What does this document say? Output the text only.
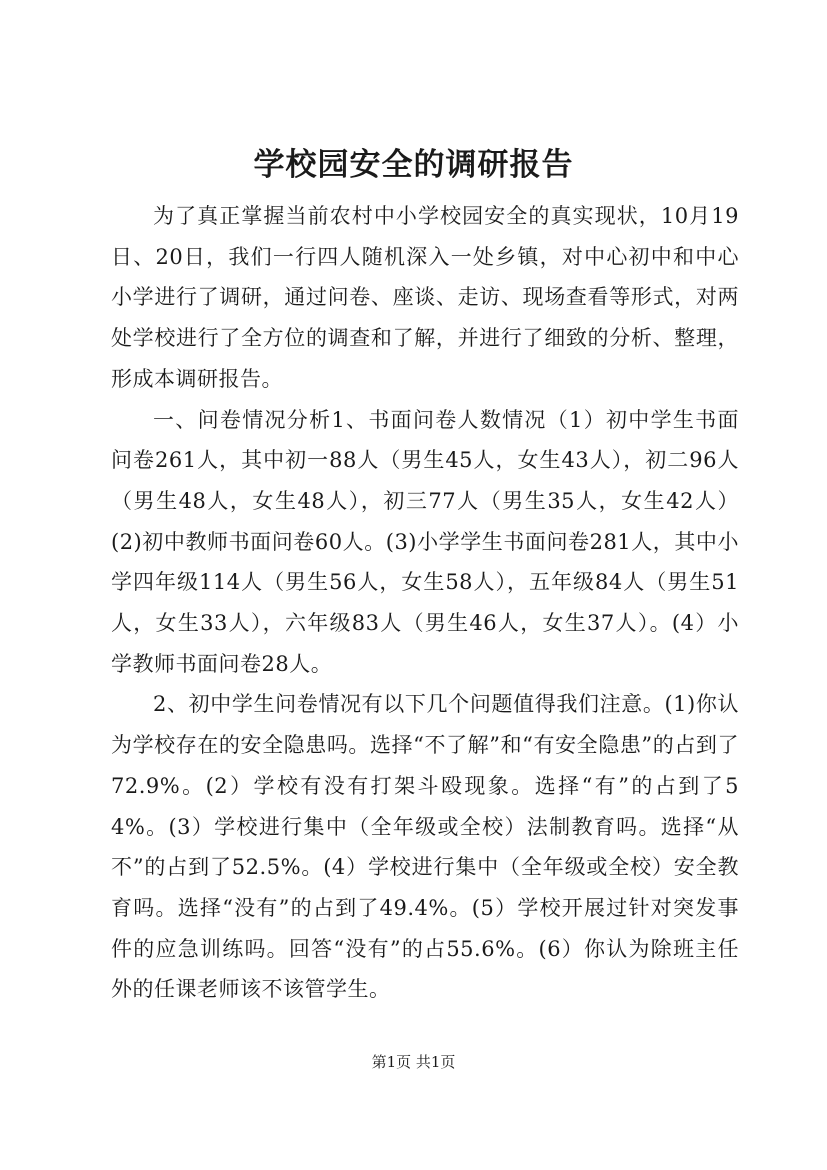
学校园安全的调研报告

为了真正掌握当前农村中小学校园安全的真实现状，10月19日、20日，我们一行四人随机深入一处乡镇，对中心初中和中心小学进行了调研，通过问卷、座谈、走访、现场查看等形式，对两处学校进行了全方位的调查和了解，并进行了细致的分析、整理，形成本调研报告。

一、问卷情况分析1、书面问卷人数情况（1）初中学生书面问卷261人，其中初一88人（男生45人，女生43人），初二96人（男生48人，女生48人），初三77人（男生35人，女生42人）(2)初中教师书面问卷60人。(3)小学学生书面问卷281人，其中小学四年级114人（男生56人，女生58人），五年级84人（男生51人，女生33人），六年级83人（男生46人，女生37人）。(4）小学教师书面问卷28人。

2、初中学生问卷情况有以下几个问题值得我们注意。(1)你认为学校存在的安全隐患吗。选择“不了解”和“有安全隐患”的占到了72.9%。(2）学校有没有打架斗殴现象。选择“有”的占到了54%。(3）学校进行集中（全年级或全校）法制教育吗。选择“从不”的占到了52.5%。(4）学校进行集中（全年级或全校）安全教育吗。选择“没有”的占到了49.4%。(5）学校开展过针对突发事件的应急训练吗。回答“没有”的占55.6%。(6）你认为除班主任外的任课老师该不该管学生。

第1页 共1页
